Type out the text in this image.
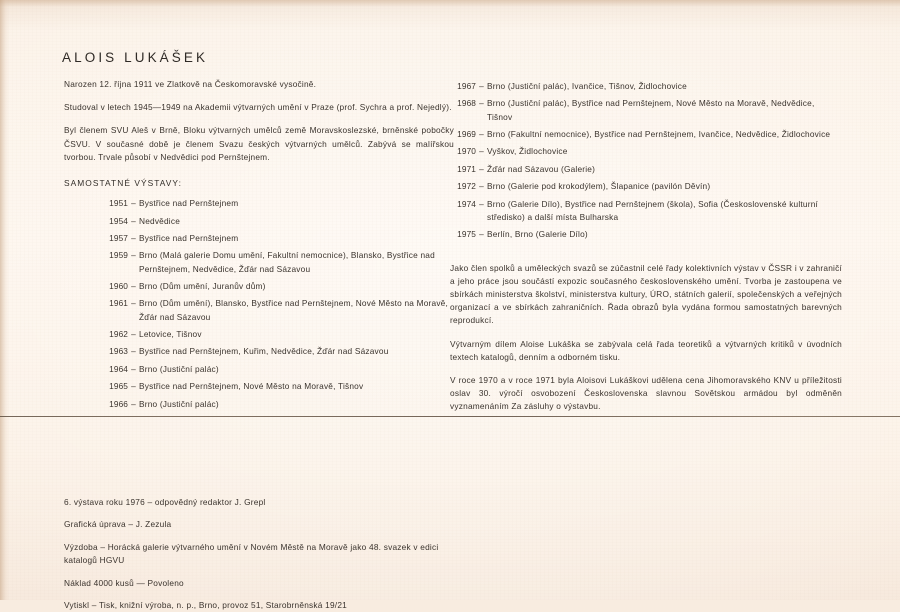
ALOIS LUKÁŠEK

Narozen 12. října 1911 ve Zlatkově na Českomoravské vysočině.

Studoval v letech 1945—1949 na Akademii výtvarných umění v Praze (prof. Sychra a prof. Nejedlý).

Byl členem SVU Aleš v Brně, Bloku výtvarných umělců země Moravskoslezské, brněnské pobočky ČSVU. V současné době je členem Svazu českých výtvarných umělců. Zabývá se malířskou tvorbou. Trvale působí v Nedvědici pod Pernštejnem.

SAMOSTATNÉ VÝSTAVY:
1951 – Bystřice nad Pernštejnem
1954 – Nedvědice
1957 – Bystřice nad Pernštejnem
1959 – Brno (Malá galerie Domu umění, Fakultní nemocnice), Blansko, Bystřice nad Pernštejnem, Nedvědice, Žďár nad Sázavou
1960 – Brno (Dům umění, Juranův dům)
1961 – Brno (Dům umění), Blansko, Bystřice nad Pernštejnem, Nové Město na Moravě, Žďár nad Sázavou
1962 – Letovice, Tišnov
1963 – Bystřice nad Pernštejnem, Kuřim, Nedvědice, Žďár nad Sázavou
1964 – Brno (Justiční palác)
1965 – Bystřice nad Pernštejnem, Nové Město na Moravě, Tišnov
1966 – Brno (Justiční palác)
1967 – Brno (Justiční palác), Ivančice, Tišnov, Židlochovice
1968 – Brno (Justiční palác), Bystřice nad Pernštejnem, Nové Město na Moravě, Nedvědice, Tišnov
1969 – Brno (Fakultní nemocnice), Bystřice nad Pernštejnem, Ivančice, Nedvědice, Židlochovice
1970 – Vyškov, Židlochovice
1971 – Žďár nad Sázavou (Galerie)
1972 – Brno (Galerie pod krokodýlem), Šlapanice (pavilón Děvín)
1974 – Brno (Galerie Dílo), Bystřice nad Pernštejnem (škola), Sofia (Československé kulturní středisko) a další místa Bulharska
1975 – Berlín, Brno (Galerie Dílo)

Jako člen spolků a uměleckých svazů se zúčastnil celé řady kolektivních výstav v ČSSR i v zahraničí a jeho práce jsou součástí expozic současného československého umění. Tvorba je zastoupena ve sbírkách ministerstva školství, ministerstva kultury, ÚRO, státních galerií, společenských a veřejných organizací a ve sbírkách zahraničních. Řada obrazů byla vydána formou samostatných barevných reprodukcí.

Výtvarným dílem Aloise Lukáška se zabývala celá řada teoretiků a výtvarných kritiků v úvodních textech katalogů, denním a odborném tisku.

V roce 1970 a v roce 1971 byla Aloisovi Lukáškovi udělena cena Jihomoravského KNV u příležitosti oslav 30. výročí osvobození Československa slavnou Sovětskou armádou byl odměněn vyznamenáním Za zásluhy o výstavbu.

6. výstava roku 1976 – odpovědný redaktor J. Grepl

Grafická úprava – J. Zezula

Výzdoba – Horácká galerie výtvarného umění v Novém Městě na Moravě jako 48. svazek v edici katalogů HGVU

Náklad 4000 kusů — Povoleno

Vytiskl – Tisk, knižní výroba, n. p., Brno, provoz 51, Starobrněnská 19/21
